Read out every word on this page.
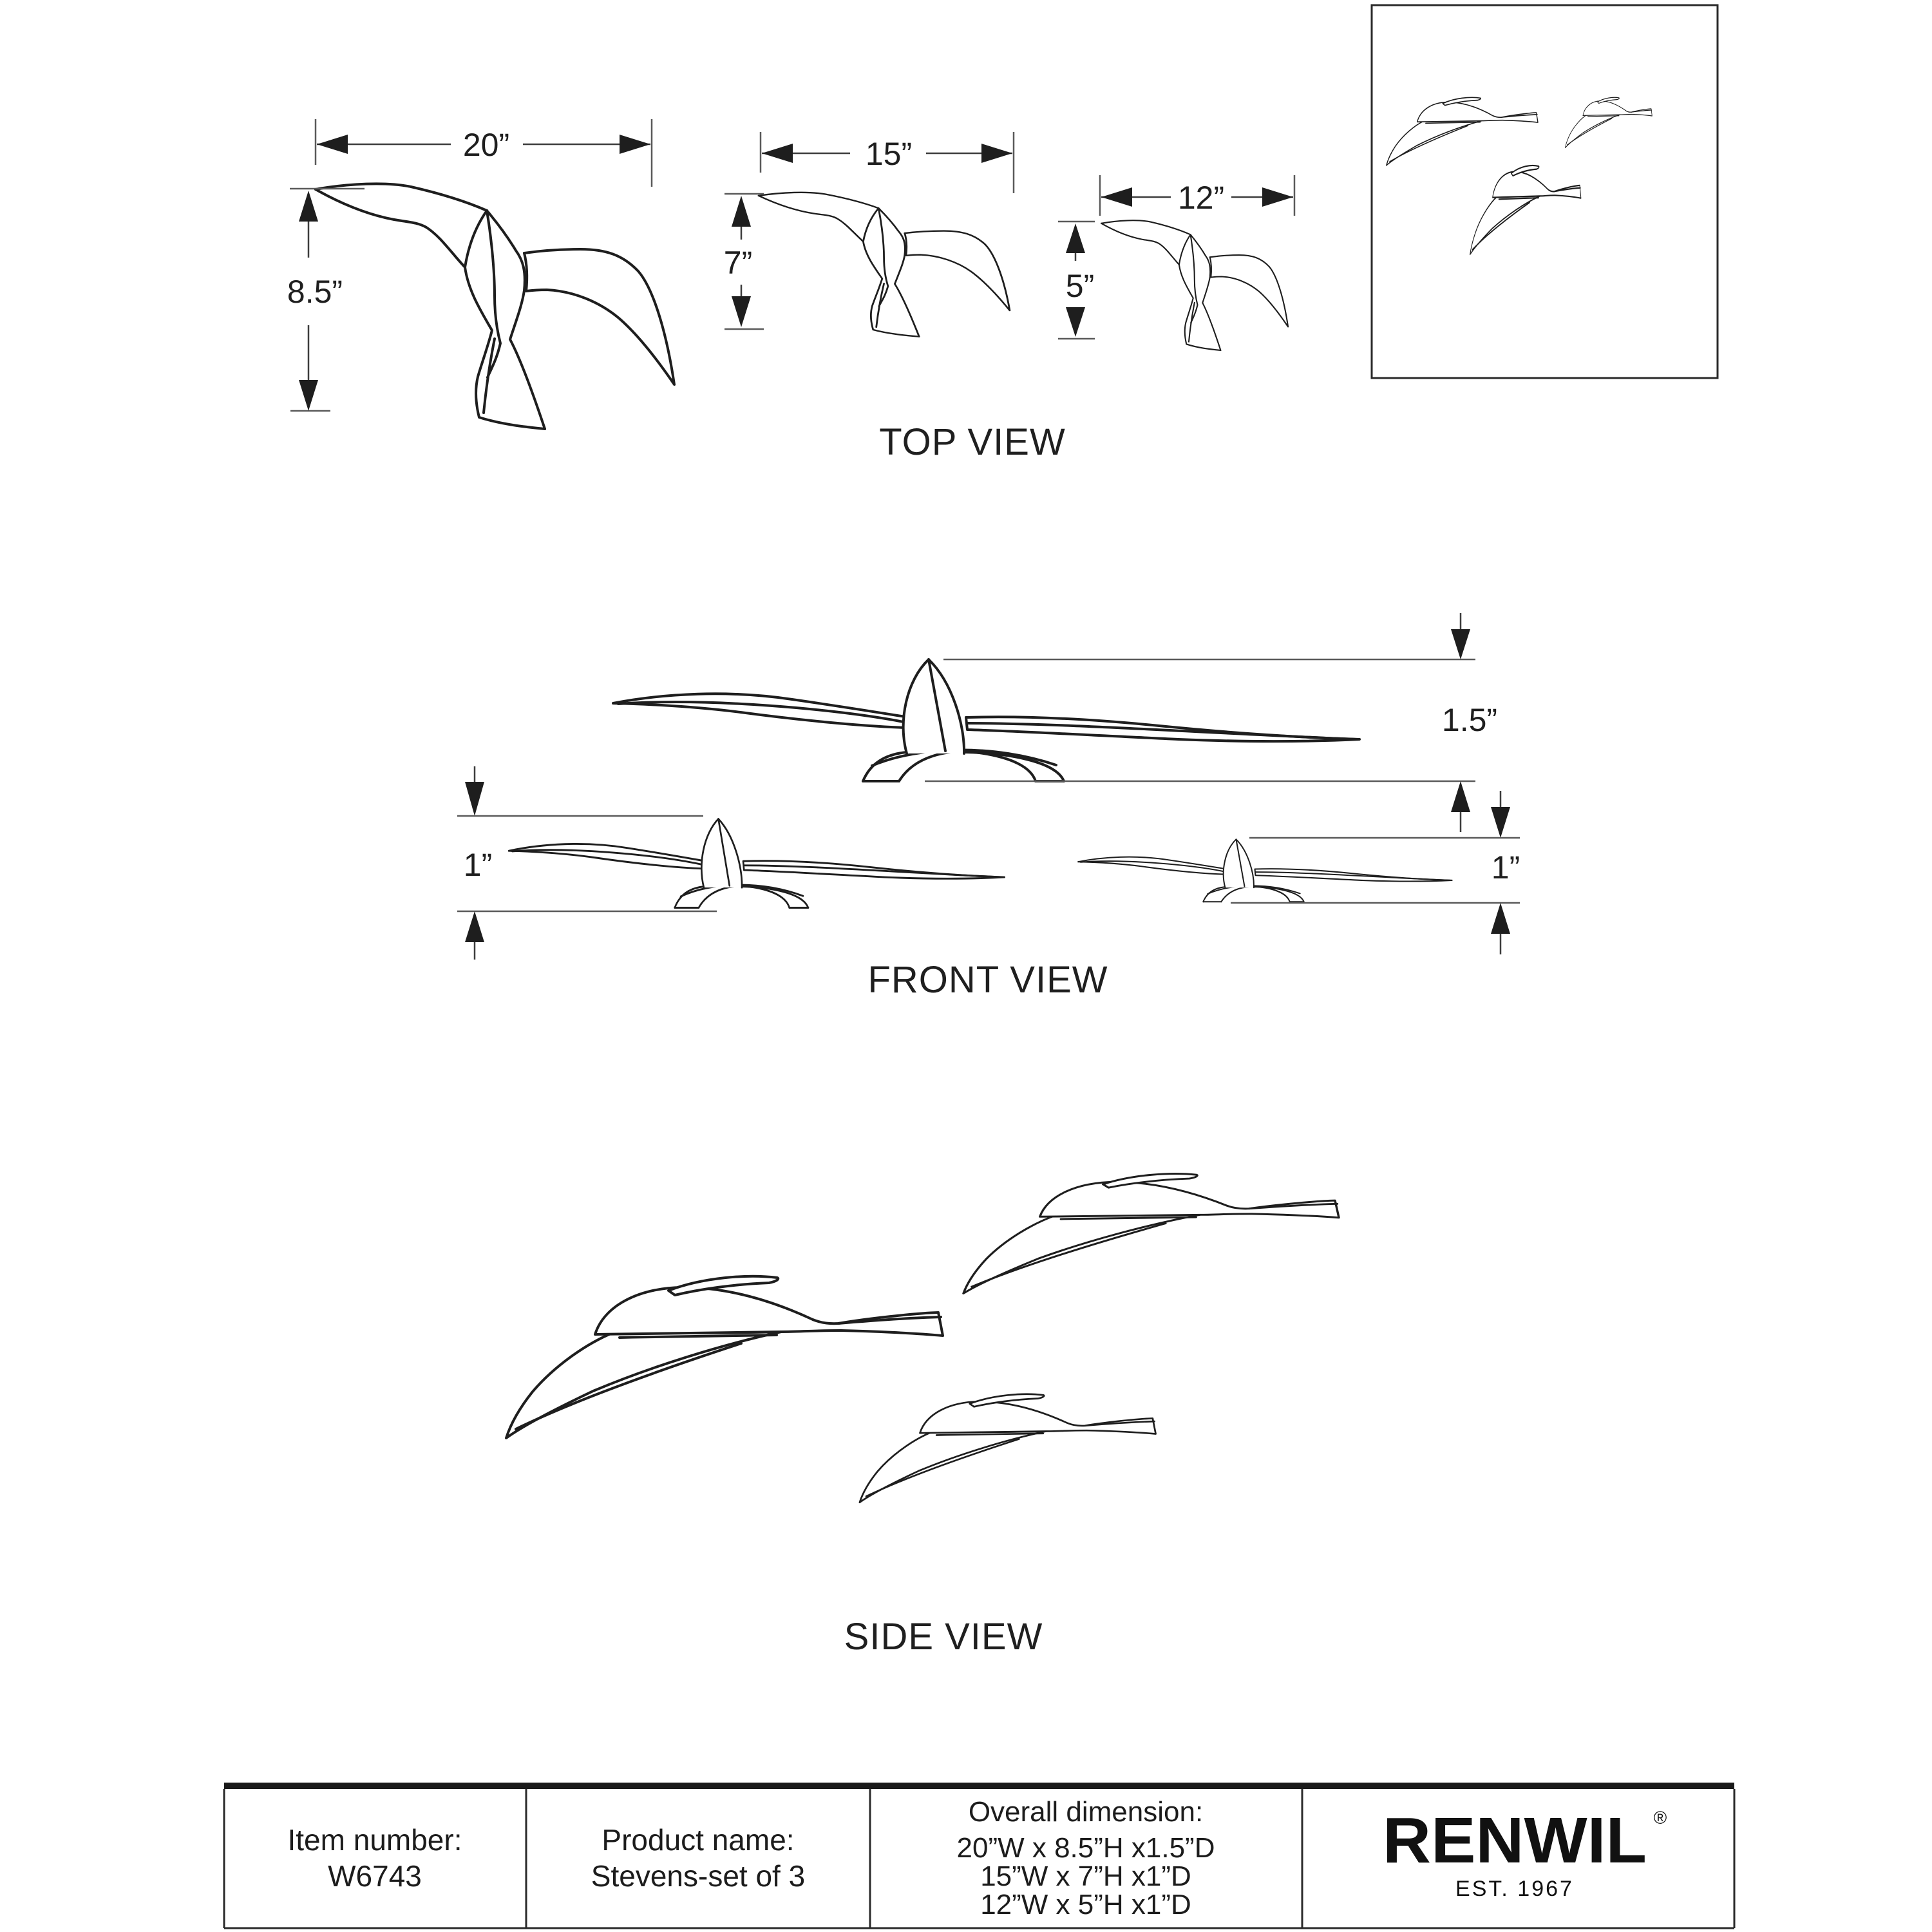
20”
8.5”
15”
7”
12”
5”
TOP VIEW
1.5”
1”	1”
FRONT VIEW
SIDE VIEW
Item number:
W6743
Product name:
Stevens-set of 3
Overall dimension:
20”W x 8.5”H x1.5”D
15”W x 7”H x1”D
12”W x 5”H x1”D
RENWIL ®
EST. 1967
